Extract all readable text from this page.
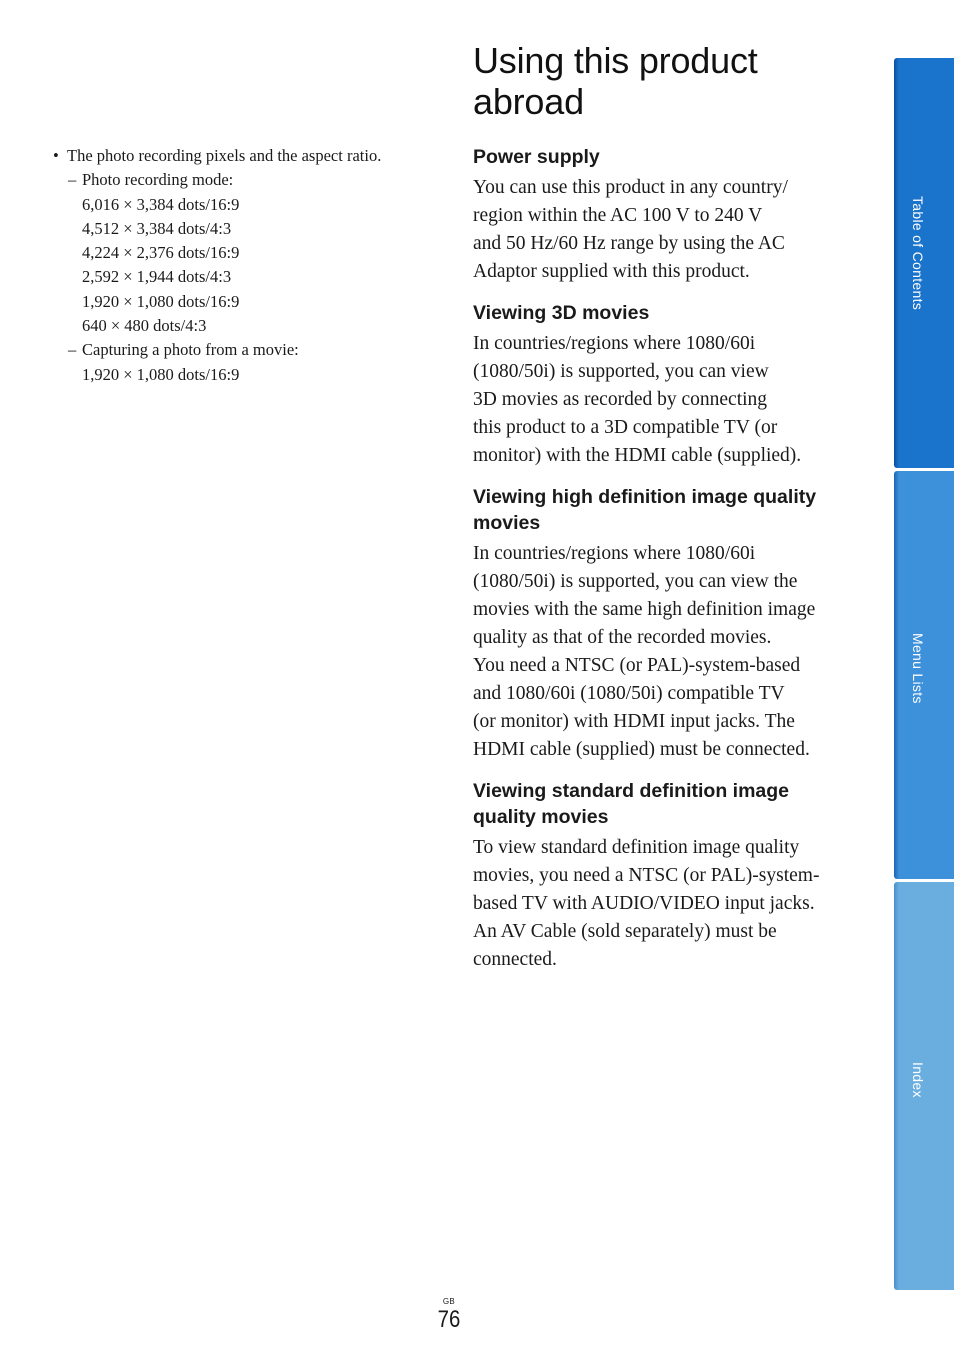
• The photo recording pixels and the aspect ratio.
– Photo recording mode:
6,016 × 3,384 dots/16:9
4,512 × 3,384 dots/4:3
4,224 × 2,376 dots/16:9
2,592 × 1,944 dots/4:3
1,920 × 1,080 dots/16:9
640 × 480 dots/4:3
– Capturing a photo from a movie:
1,920 × 1,080 dots/16:9
Using this product
abroad
Power supply
You can use this product in any country/
region within the AC 100 V to 240 V
and 50 Hz/60 Hz range by using the AC
Adaptor supplied with this product.
Viewing 3D movies
In countries/regions where 1080/60i
(1080/50i) is supported, you can view
3D movies as recorded by connecting
this product to a 3D compatible TV (or
monitor) with the HDMI cable (supplied).
Viewing high definition image quality
movies
In countries/regions where 1080/60i
(1080/50i) is supported, you can view the
movies with the same high definition image
quality as that of the recorded movies.
You need a NTSC (or PAL)-system-based
and 1080/60i (1080/50i) compatible TV
(or monitor) with HDMI input jacks. The
HDMI cable (supplied) must be connected.
Viewing standard definition image
quality movies
To view standard definition image quality
movies, you need a NTSC (or PAL)-system-
based TV with AUDIO/VIDEO input jacks.
An AV Cable (sold separately) must be
connected.
Table of Contents
Menu Lists
Index
GB
76
